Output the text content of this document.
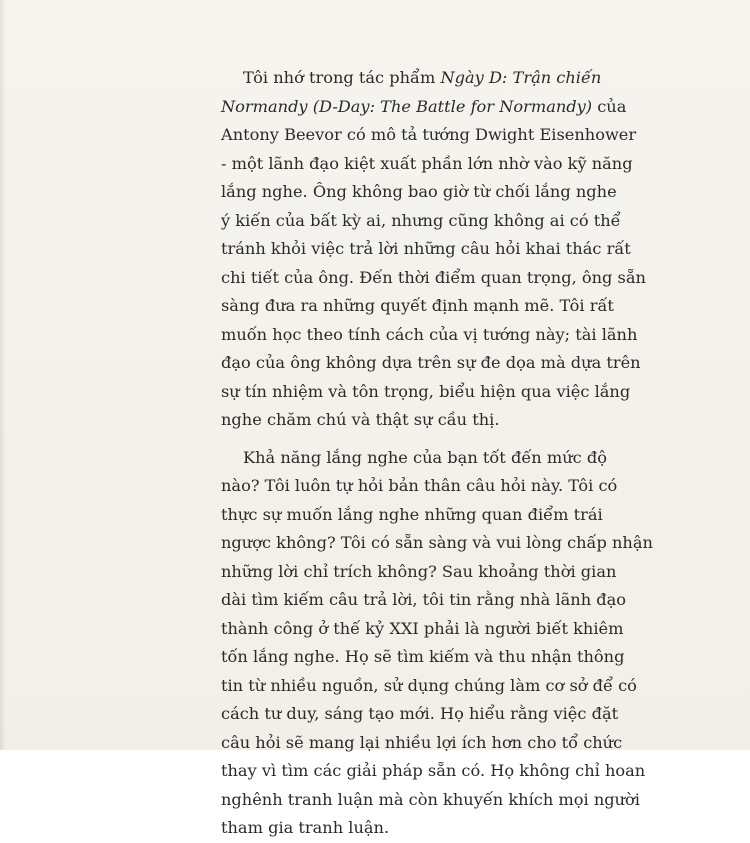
Tôi nhớ trong tác phẩm Ngày D: Trận chiến
Normandy (D-Day: The Battle for Normandy) của
Antony Beevor có mô tả tướng Dwight Eisenhower
- một lãnh đạo kiệt xuất phần lớn nhờ vào kỹ năng
lắng nghe. Ông không bao giờ từ chối lắng nghe
ý kiến của bất kỳ ai, nhưng cũng không ai có thể
tránh khỏi việc trả lời những câu hỏi khai thác rất
chi tiết của ông. Đến thời điểm quan trọng, ông sẵn
sàng đưa ra những quyết định mạnh mẽ. Tôi rất
muốn học theo tính cách của vị tướng này; tài lãnh
đạo của ông không dựa trên sự đe dọa mà dựa trên
sự tín nhiệm và tôn trọng, biểu hiện qua việc lắng
nghe chăm chú và thật sự cầu thị.
Khả năng lắng nghe của bạn tốt đến mức độ
nào? Tôi luôn tự hỏi bản thân câu hỏi này. Tôi có
thực sự muốn lắng nghe những quan điểm trái
ngược không? Tôi có sẵn sàng và vui lòng chấp nhận
những lời chỉ trích không? Sau khoảng thời gian
dài tìm kiếm câu trả lời, tôi tin rằng nhà lãnh đạo
thành công ở thế kỷ XXI phải là người biết khiêm
tốn lắng nghe. Họ sẽ tìm kiếm và thu nhận thông
tin từ nhiều nguồn, sử dụng chúng làm cơ sở để có
cách tư duy, sáng tạo mới. Họ hiểu rằng việc đặt
câu hỏi sẽ mang lại nhiều lợi ích hơn cho tổ chức
thay vì tìm các giải pháp sẵn có. Họ không chỉ hoan
nghênh tranh luận mà còn khuyến khích mọi người
tham gia tranh luận.
